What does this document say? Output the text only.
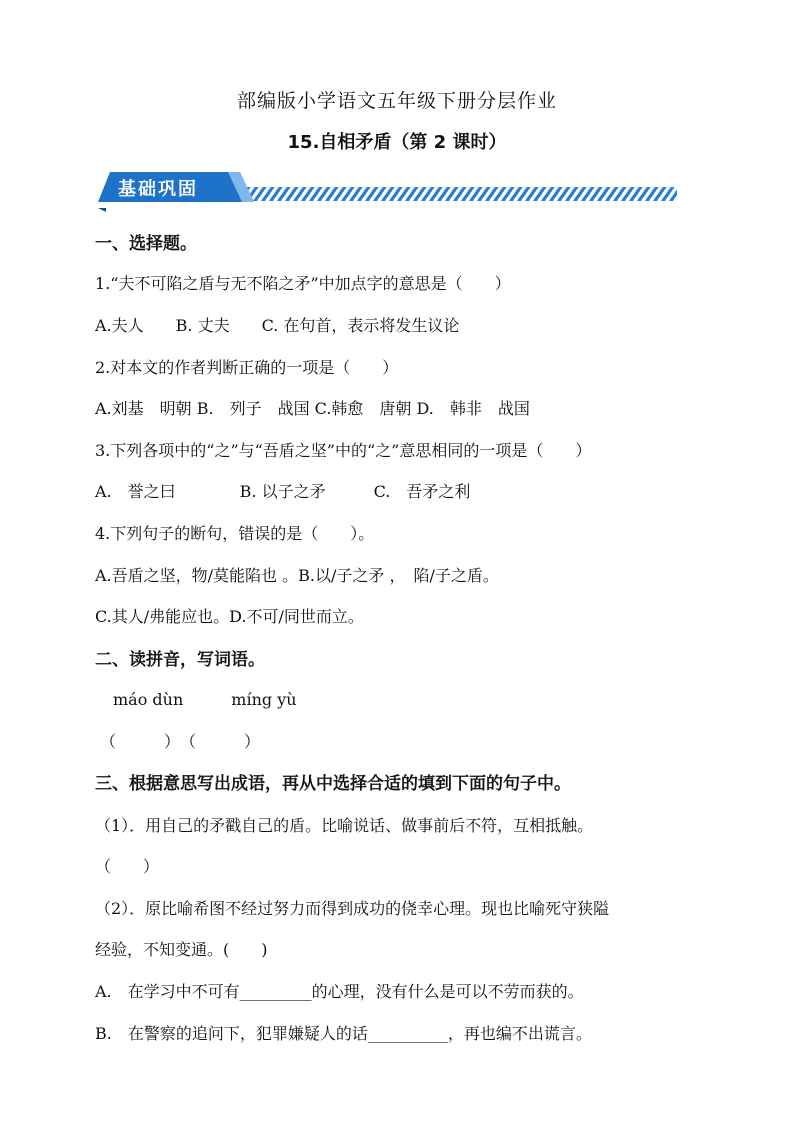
部编版小学语文五年级下册分层作业
15.自相矛盾（第 2 课时）
基础巩固
一、选择题。
1.“夫不可陷之盾与无不陷之矛”中加点字的意思是（　　）
A.夫人　　B. 丈夫　　C. 在句首，表示将发生议论
2.对本文的作者判断正确的一项是（　　）
A.刘基　明朝 B.　列子　战国 C.韩愈　唐朝 D.　韩非　战国
3.下列各项中的“之”与“吾盾之坚”中的“之”意思相同的一项是（　　）
A.　誉之曰　　　　B. 以子之矛　　　C.　吾矛之利
4.下列句子的断句，错误的是（　　）。
A.吾盾之坚，物/莫能陷也 。B.以/子之矛 ，　陷/子之盾。
C.其人/弗能应也。D.不可/同世而立。
二、读拼音，写词语。
máo dùn　　　míng yù
（　　　）　（　　　）
三、根据意思写出成语，再从中选择合适的填到下面的句子中。
（1）．用自己的矛戳自己的盾。比喻说话、做事前后不符，互相抵触。
（　　）
（2）．原比喻希图不经过努力而得到成功的侥幸心理。现也比喻死守狭隘
经验，不知变通。(　　)
A.　在学习中不可有_________的心理，没有什么是可以不劳而获的。
B.　在警察的追问下，犯罪嫌疑人的话__________，再也编不出谎言。
